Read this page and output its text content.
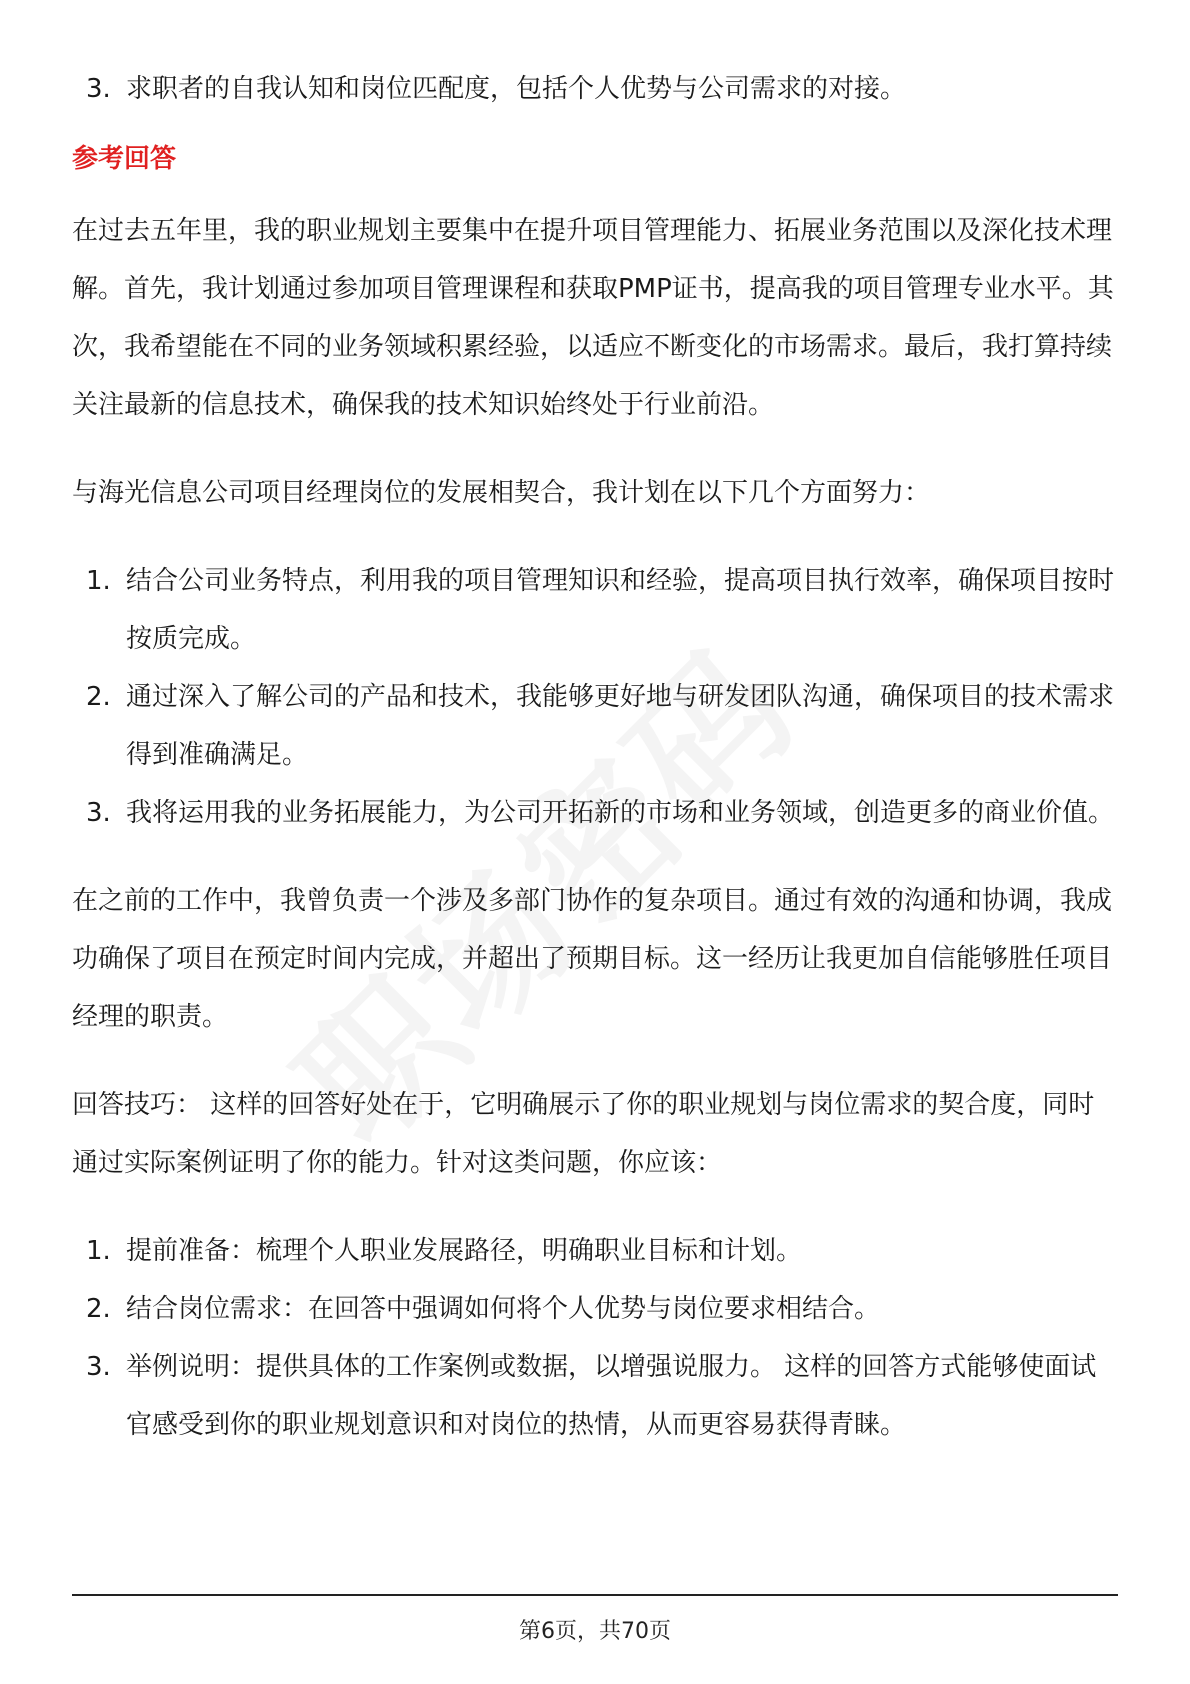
3. 求职者的自我认知和岗位匹配度，包括个人优势与公司需求的对接。
参考回答

在过去五年里，我的职业规划主要集中在提升项目管理能力、拓展业务范围以及深化技术理解。首先，我计划通过参加项目管理课程和获取PMP证书，提高我的项目管理专业水平。其次，我希望能在不同的业务领域积累经验，以适应不断变化的市场需求。最后，我打算持续关注最新的信息技术，确保我的技术知识始终处于行业前沿。

与海光信息公司项目经理岗位的发展相契合，我计划在以下几个方面努力：

1. 结合公司业务特点，利用我的项目管理知识和经验，提高项目执行效率，确保项目按时按质完成。
2. 通过深入了解公司的产品和技术，我能够更好地与研发团队沟通，确保项目的技术需求得到准确满足。
3. 我将运用我的业务拓展能力，为公司开拓新的市场和业务领域，创造更多的商业价值。

在之前的工作中，我曾负责一个涉及多部门协作的复杂项目。通过有效的沟通和协调，我成功确保了项目在预定时间内完成，并超出了预期目标。这一经历让我更加自信能够胜任项目经理的职责。

回答技巧： 这样的回答好处在于，它明确展示了你的职业规划与岗位需求的契合度，同时通过实际案例证明了你的能力。针对这类问题，你应该：

1. 提前准备：梳理个人职业发展路径，明确职业目标和计划。
2. 结合岗位需求：在回答中强调如何将个人优势与岗位要求相结合。
3. 举例说明：提供具体的工作案例或数据，以增强说服力。 这样的回答方式能够使面试官感受到你的职业规划意识和对岗位的热情，从而更容易获得青睐。
第6页，共70页
